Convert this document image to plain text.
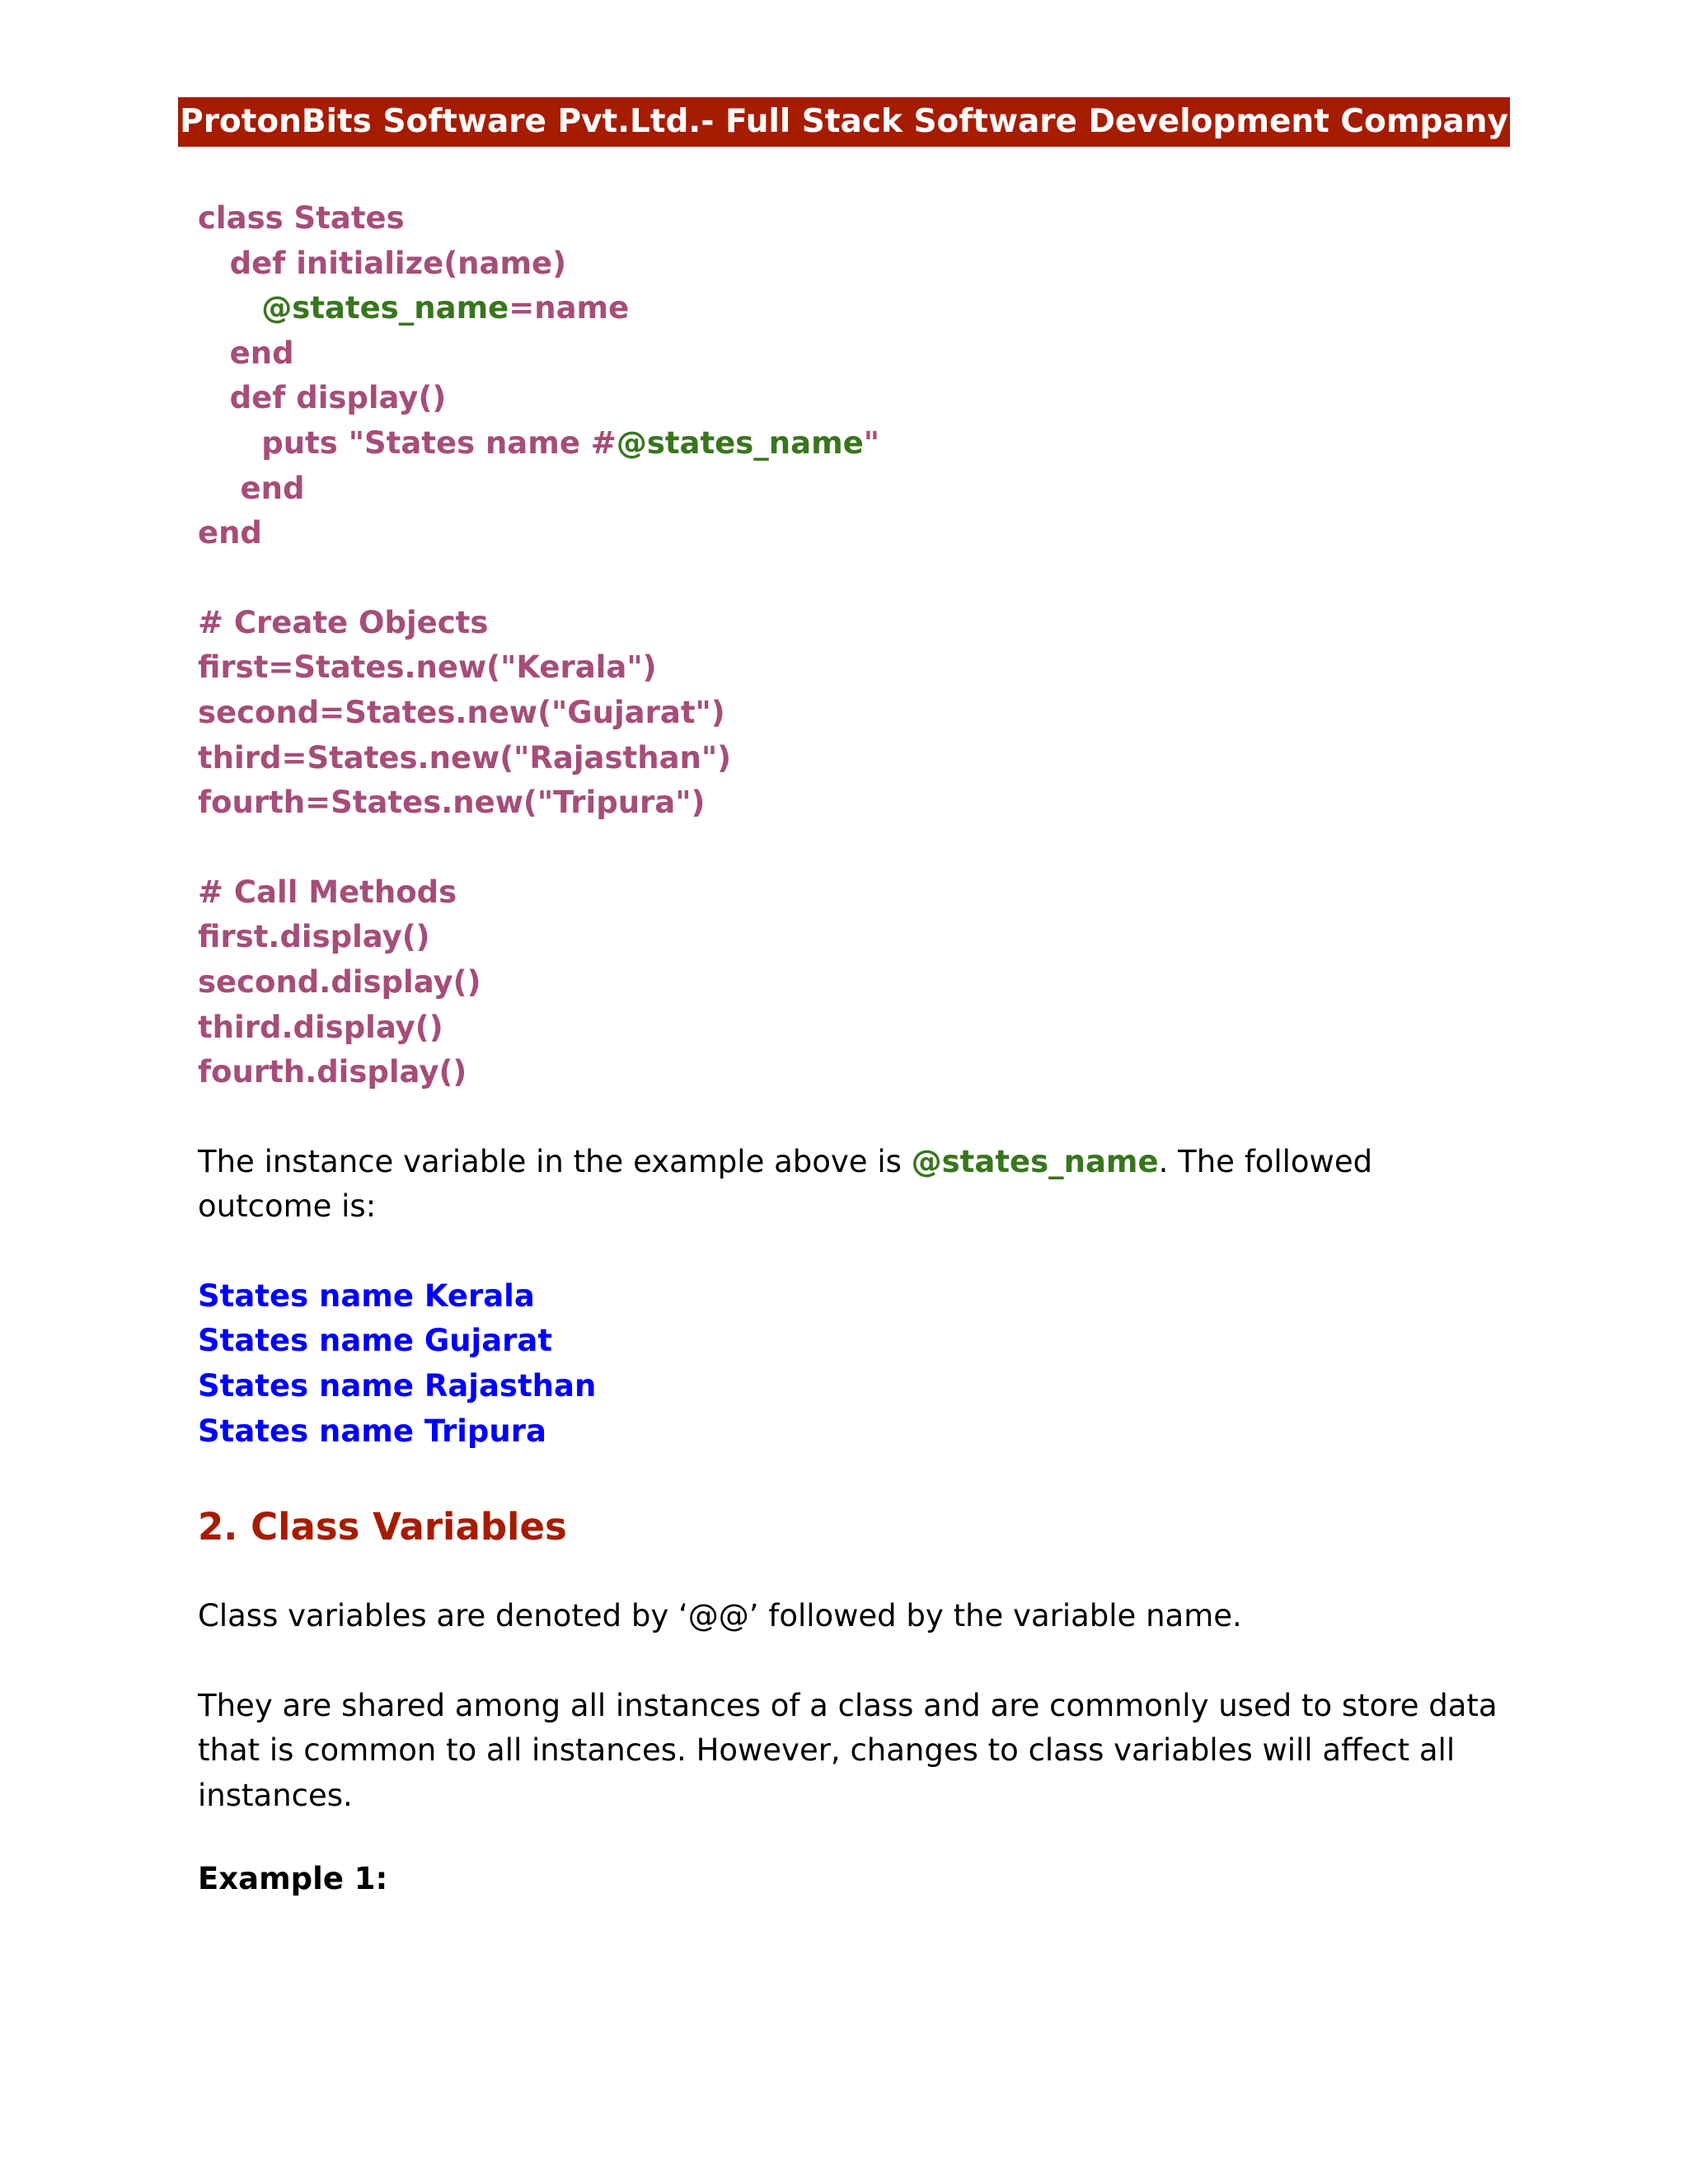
ProtonBits Software Pvt.Ltd.- Full Stack Software Development Company
class States
def initialize(name)
@states_name=name
end
def display()
puts "States name #@states_name"
end
end
# Create Objects
first=States.new("Kerala")
second=States.new("Gujarat")
third=States.new("Rajasthan")
fourth=States.new("Tripura")
# Call Methods
first.display()
second.display()
third.display()
fourth.display()
The instance variable in the example above is @states_name. The followed outcome is:
States name Kerala
States name Gujarat
States name Rajasthan
States name Tripura
2. Class Variables
Class variables are denoted by ‘@@’ followed by the variable name.
They are shared among all instances of a class and are commonly used to store data that is common to all instances. However, changes to class variables will affect all instances.
Example 1:
